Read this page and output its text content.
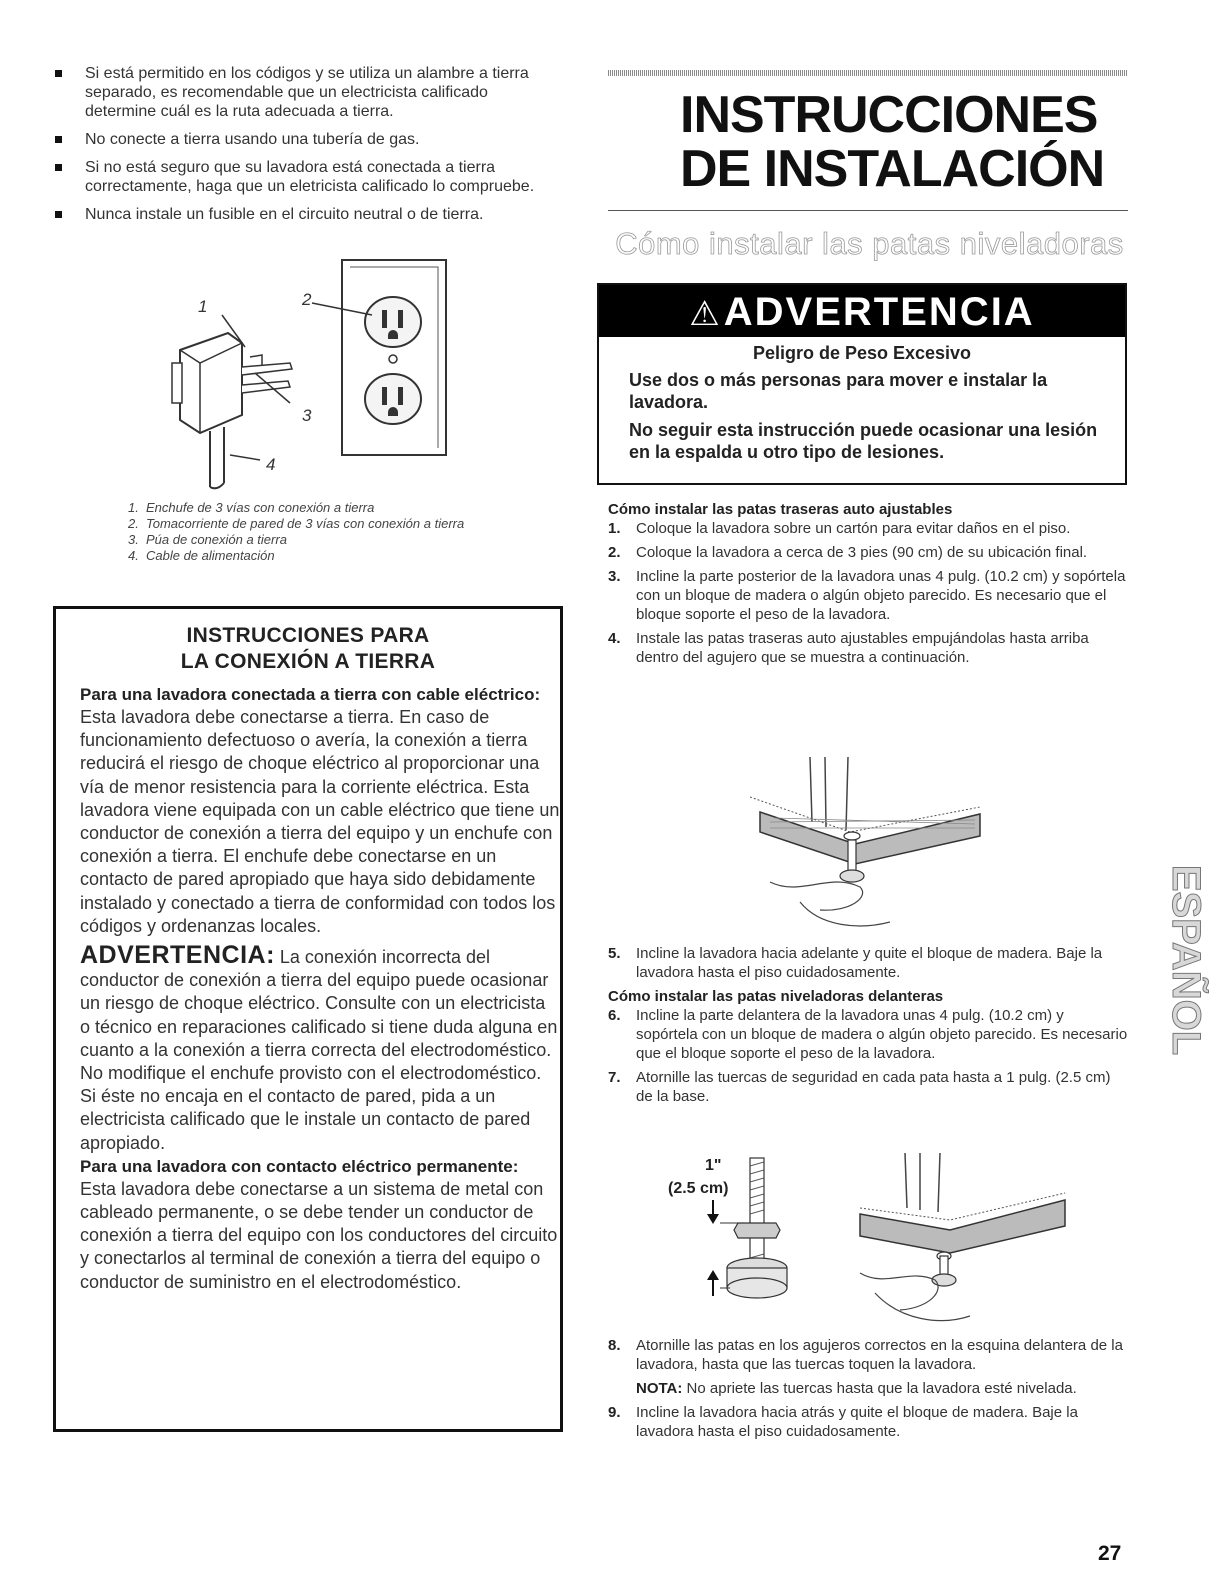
Si está permitido en los códigos y se utiliza un alambre a tierra separado, es recomendable que un electricista calificado determine cuál es la ruta adecuada a tierra.
No conecte a tierra usando una tubería de gas.
Si no está seguro que su lavadora está conectada a tierra correctamente, haga que un eletricista calificado lo compruebe.
Nunca instale un fusible en el circuito neutral o de tierra.
1	2
3
4
1. Enchufe de 3 vías con conexión a tierra
2. Tomacorriente de pared de 3 vías con conexión a tierra
3. Púa de conexión a tierra
4. Cable de alimentación
INSTRUCCIONES PARA
LA CONEXIÓN A TIERRA
Para una lavadora conectada a tierra con cable eléctrico:
Esta lavadora debe conectarse a tierra. En caso de funcionamiento defectuoso o avería, la conexión a tierra reducirá el riesgo de choque eléctrico al proporcionar una vía de menor resistencia para la corriente eléctrica. Esta lavadora viene equipada con un cable eléctrico que tiene un conductor de conexión a tierra del equipo y un enchufe con conexión a tierra. El enchufe debe conectarse en un contacto de pared apropiado que haya sido debidamente instalado y conectado a tierra de conformidad con todos los códigos y ordenanzas locales.
ADVERTENCIA: La conexión incorrecta del conductor de conexión a tierra del equipo puede ocasionar un riesgo de choque eléctrico. Consulte con un electricista o técnico en reparaciones calificado si tiene duda alguna en cuanto a la conexión a tierra correcta del electrodoméstico.
No modifique el enchufe provisto con el electrodoméstico. Si éste no encaja en el contacto de pared, pida a un electricista calificado que le instale un contacto de pared apropiado.
Para una lavadora con contacto eléctrico permanente:
Esta lavadora debe conectarse a un sistema de metal con cableado permanente, o se debe tender un conductor de conexión a tierra del equipo con los conductores del circuito y conectarlos al terminal de conexión a tierra del equipo o conductor de suministro en el electrodoméstico.
INSTRUCCIONES
DE INSTALACIÓN
Cómo instalar las patas niveladoras
⚠ADVERTENCIA
Peligro de Peso Excesivo
Use dos o más personas para mover e instalar la lavadora.
No seguir esta instrucción puede ocasionar una lesión en la espalda u otro tipo de lesiones.
Cómo instalar las patas traseras auto ajustables
1. Coloque la lavadora sobre un cartón para evitar daños en el piso.
2. Coloque la lavadora a cerca de 3 pies (90 cm) de su ubicación final.
3. Incline la parte posterior de la lavadora unas 4 pulg. (10.2 cm) y sopórtela con un bloque de madera o algún objeto parecido. Es necesario que el bloque soporte el peso de la lavadora.
4. Instale las patas traseras auto ajustables empujándolas hasta arriba dentro del agujero que se muestra a continuación.
5. Incline la lavadora hacia adelante y quite el bloque de madera. Baje la lavadora hasta el piso cuidadosamente.
Cómo instalar las patas niveladoras delanteras
6. Incline la parte delantera de la lavadora unas 4 pulg. (10.2 cm) y sopórtela con un bloque de madera o algún objeto parecido. Es necesario que el bloque soporte el peso de la lavadora.
7. Atornille las tuercas de seguridad en cada pata hasta a 1 pulg. (2.5 cm) de la base.
1"
(2.5 cm)
8. Atornille las patas en los agujeros correctos en la esquina delantera de la lavadora, hasta que las tuercas toquen la lavadora.
NOTA: No apriete las tuercas hasta que la lavadora esté nivelada.
9. Incline la lavadora hacia atrás y quite el bloque de madera. Baje la lavadora hasta el piso cuidadosamente.
ESPAÑOL
27
